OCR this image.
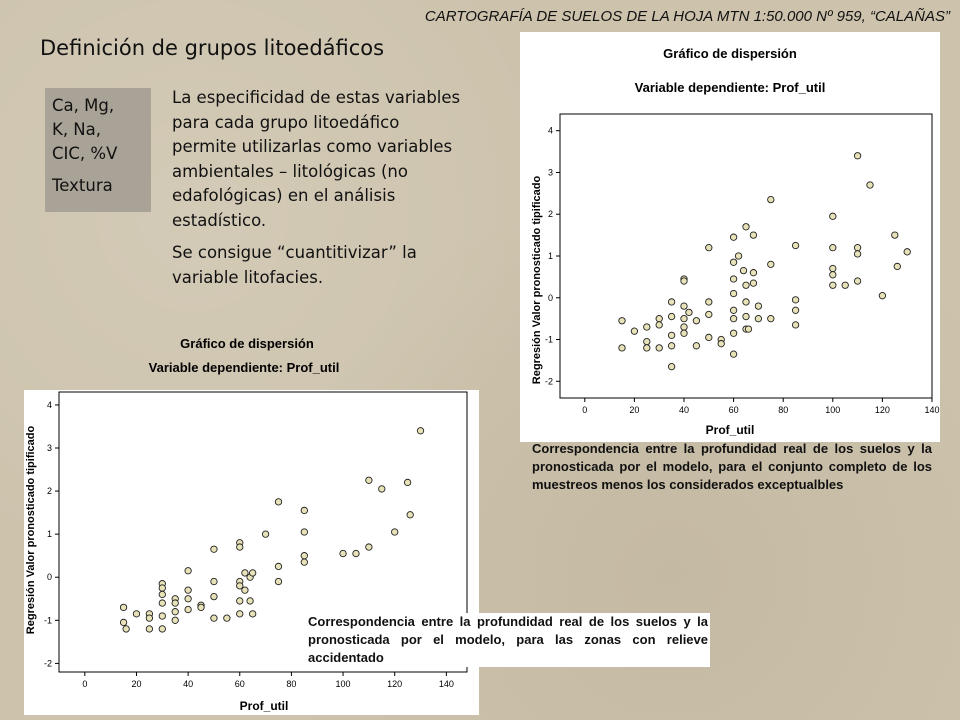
CARTOGRAFÍA DE SUELOS DE LA HOJA MTN 1:50.000 Nº 959, “CALAÑAS”
Definición de grupos litoedáficos
Ca, Mg,
K, Na,
CIC, %V
Textura

La especificidad de estas variables para cada grupo litoedáfico permite utilizarlas como variables ambientales – litológicas (no edafológicas) en el análisis estadístico.

Se consigue “cuantitivizar” la variable litofacies.

Gráfico de dispersión
Variable dependiente: Prof_util
Prof_util
Regresión Valor pronosticado tipificado
0	20	40	60	80	100	120	140
-2
-1
0
1
2
3
4
Correspondencia entre la profundidad real de los suelos y la pronosticada por el modelo, para el conjunto completo de los muestreos menos los considerados exceptualbles
Gráfico de dispersión
Variable dependiente: Prof_util
Prof_util
Regresión Valor pronosticado tipificado
0	20	40	60	80	100	120	140
-2
-1
0
1
2
3
4
Correspondencia entre la profundidad real de los suelos y la pronosticada por el modelo, para las zonas con relieve accidentado
